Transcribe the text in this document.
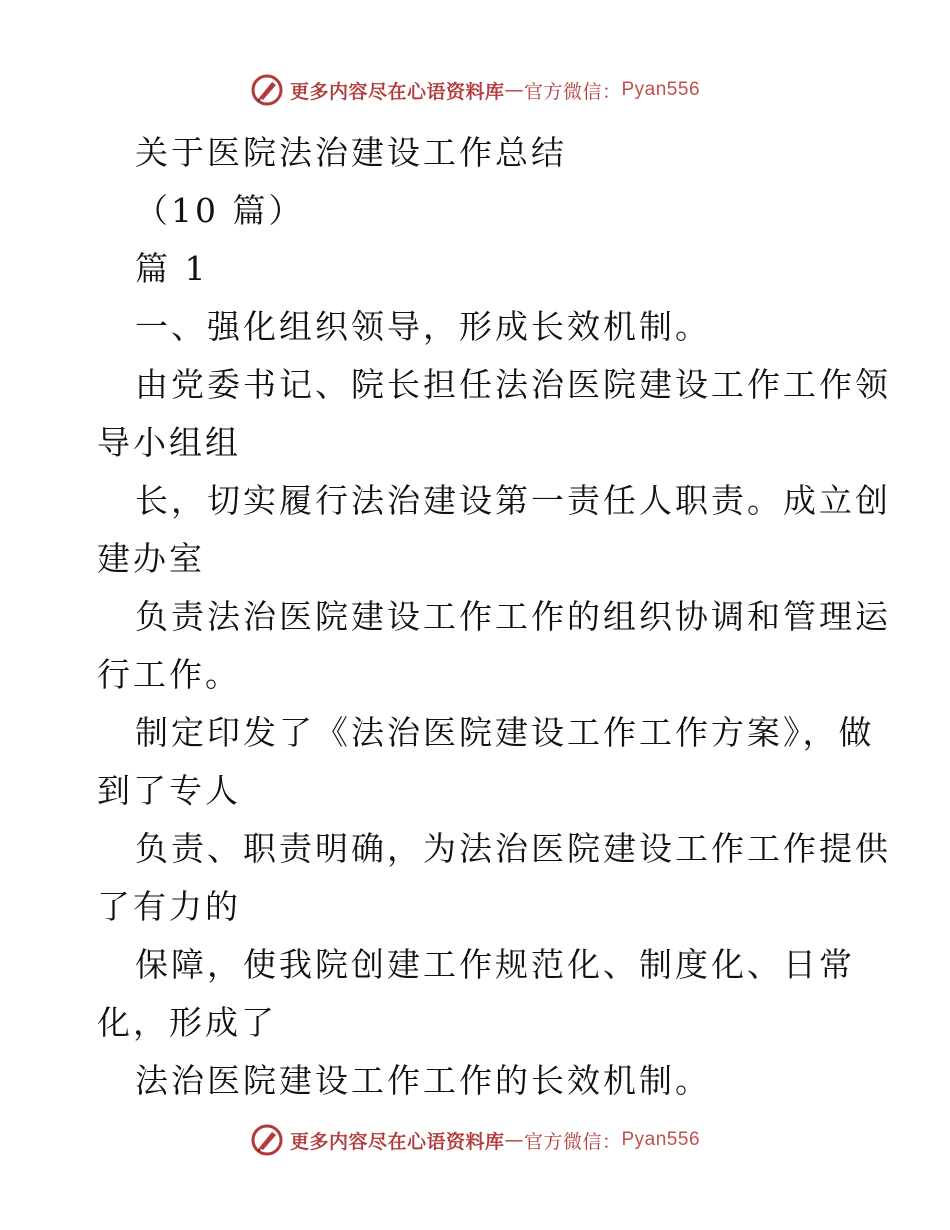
更多内容尽在心语资料库 — 官方微信： Pyan556
关于医院法治建设工作总结
（10 篇）
篇 1
一、强化组织领导，形成长效机制。
由党委书记、院长担任法治医院建设工作工作领
导小组组
长，切实履行法治建设第一责任人职责。成立创
建办室
负责法治医院建设工作工作的组织协调和管理运
行工作。
制定印发了《法治医院建设工作工作方案》，做
到了专人
负责、职责明确，为法治医院建设工作工作提供
了有力的
保障，使我院创建工作规范化、制度化、日常
化，形成了
法治医院建设工作工作的长效机制。
更多内容尽在心语资料库 — 官方微信： Pyan556
